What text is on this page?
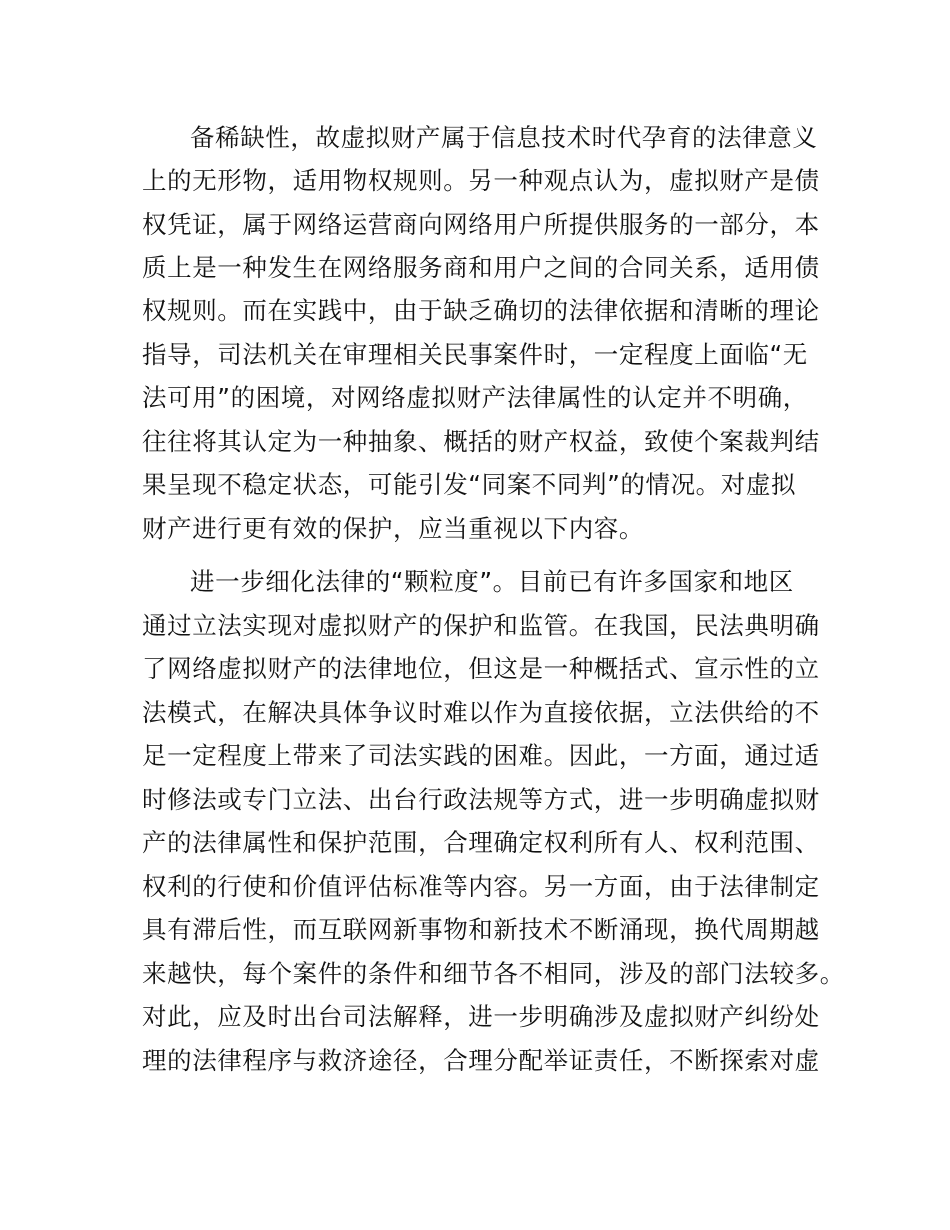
备稀缺性，故虚拟财产属于信息技术时代孕育的法律意义
上的无形物，适用物权规则。另一种观点认为，虚拟财产是债
权凭证，属于网络运营商向网络用户所提供服务的一部分，本
质上是一种发生在网络服务商和用户之间的合同关系，适用债
权规则。而在实践中，由于缺乏确切的法律依据和清晰的理论
指导，司法机关在审理相关民事案件时，一定程度上面临“无
法可用”的困境，对网络虚拟财产法律属性的认定并不明确，
往往将其认定为一种抽象、概括的财产权益，致使个案裁判结
果呈现不稳定状态，可能引发“同案不同判”的情况。对虚拟
财产进行更有效的保护，应当重视以下内容。
进一步细化法律的“颗粒度”。目前已有许多国家和地区
通过立法实现对虚拟财产的保护和监管。在我国，民法典明确
了网络虚拟财产的法律地位，但这是一种概括式、宣示性的立
法模式，在解决具体争议时难以作为直接依据，立法供给的不
足一定程度上带来了司法实践的困难。因此，一方面，通过适
时修法或专门立法、出台行政法规等方式，进一步明确虚拟财
产的法律属性和保护范围，合理确定权利所有人、权利范围、
权利的行使和价值评估标准等内容。另一方面，由于法律制定
具有滞后性，而互联网新事物和新技术不断涌现，换代周期越
来越快，每个案件的条件和细节各不相同，涉及的部门法较多。
对此，应及时出台司法解释，进一步明确涉及虚拟财产纠纷处
理的法律程序与救济途径，合理分配举证责任，不断探索对虚
